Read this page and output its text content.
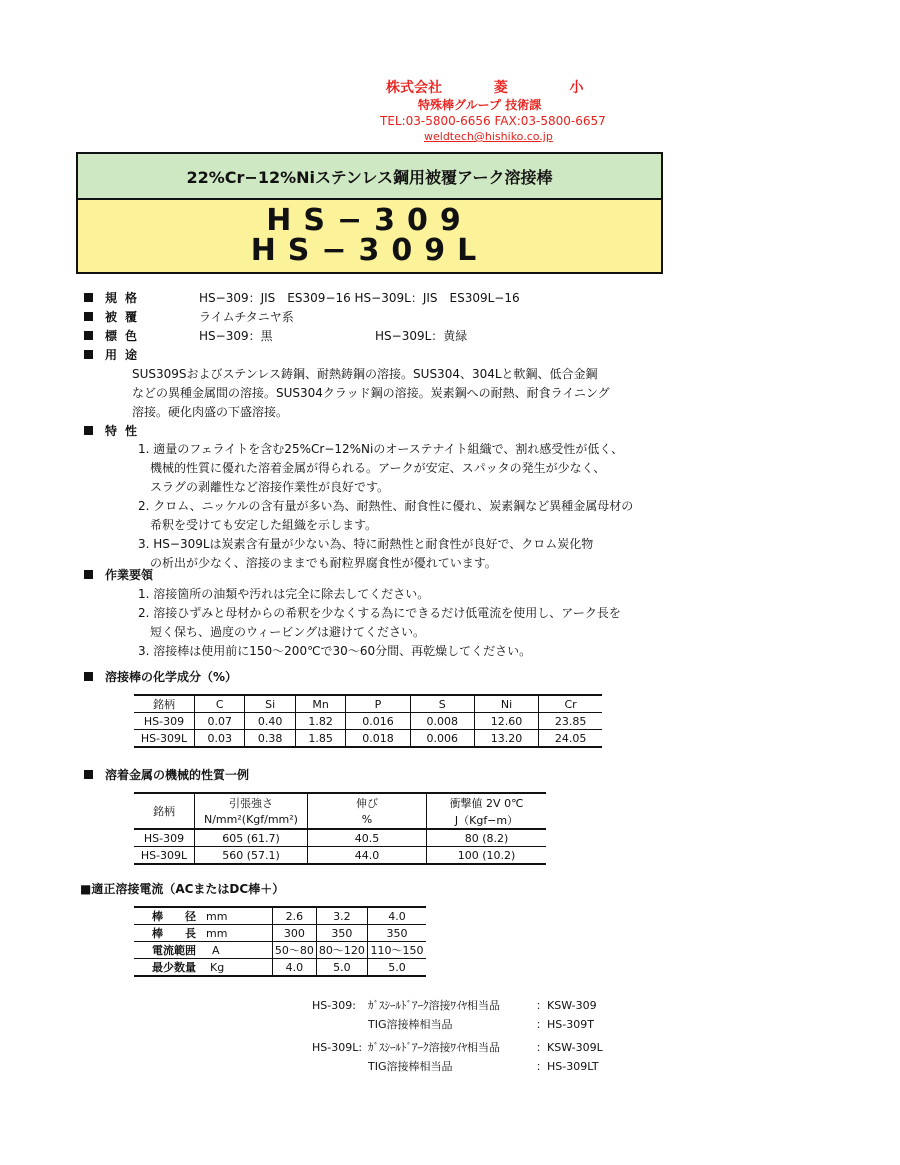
株式会社	菱	小
特殊棒グループ 技術課
TEL:03-5800-6656 FAX:03-5800-6657
weldtech@hishiko.co.jp
22%Cr−12%Niステンレス鋼用被覆アーク溶接棒
HS−309
HS−309L
規格	HS−309：JIS　ES309−16 HS−309L：JIS　ES309L−16
被覆	ライムチタニヤ系
標色	HS−309：黒	HS−309L：黄緑
用途
SUS309Sおよびステンレス鋳鋼、耐熱鋳鋼の溶接。SUS304、304Lと軟鋼、低合金鋼
などの異種金属間の溶接。SUS304クラッド鋼の溶接。炭素鋼への耐熱、耐食ライニング
溶接。硬化肉盛の下盛溶接。
特性
1. 適量のフェライトを含む25%Cr−12%Niのオーステナイト組織で、割れ感受性が低く、
　機械的性質に優れた溶着金属が得られる。アークが安定、スパッタの発生が少なく、
　スラグの剥離性など溶接作業性が良好です。
2. クロム、ニッケルの含有量が多い為、耐熱性、耐食性に優れ、炭素鋼など異種金属母材の
　希釈を受けても安定した組織を示します。
3. HS−309Lは炭素含有量が少ない為、特に耐熱性と耐食性が良好で、クロム炭化物
　の析出が少なく、溶接のままでも耐粒界腐食性が優れています。
作業要領
1. 溶接箇所の油類や汚れは完全に除去してください。
2. 溶接ひずみと母材からの希釈を少なくする為にできるだけ低電流を使用し、アーク長を
　短く保ち、過度のウィービングは避けてください。
3. 溶接棒は使用前に150〜200℃で30〜60分間、再乾燥してください。
溶接棒の化学成分（%）
銘柄	C	Si	Mn	P	S	Ni	Cr
HS-309	0.07	0.40	1.82	0.016	0.008	12.60	23.85
HS-309L	0.03	0.38	1.85	0.018	0.006	13.20	24.05
溶着金属の機械的性質一例
銘柄	引張強さ	伸び	衝撃値 2V 0℃
	N/mm²(Kgf/mm²)	%	J（Kgf−m）
HS-309	605 (61.7)	40.5	80 (8.2)
HS-309L	560 (57.1)	44.0	100 (10.2)
■適正溶接電流（ACまたはDC棒＋）
棒　　径 mm	2.6	3.2	4.0
棒　　長 mm	300	350	350
電流範囲 A	50〜80	80〜120	110〜150
最少数量 Kg	4.0	5.0	5.0
HS-309: ｶﾞｽｼｰﾙﾄﾞｱｰｸ溶接ﾜｲﾔ相当品	：KSW-309
TIG溶接棒相当品	：HS-309T
HS-309L: ｶﾞｽｼｰﾙﾄﾞｱｰｸ溶接ﾜｲﾔ相当品	：KSW-309L
TIG溶接棒相当品	：HS-309LT
